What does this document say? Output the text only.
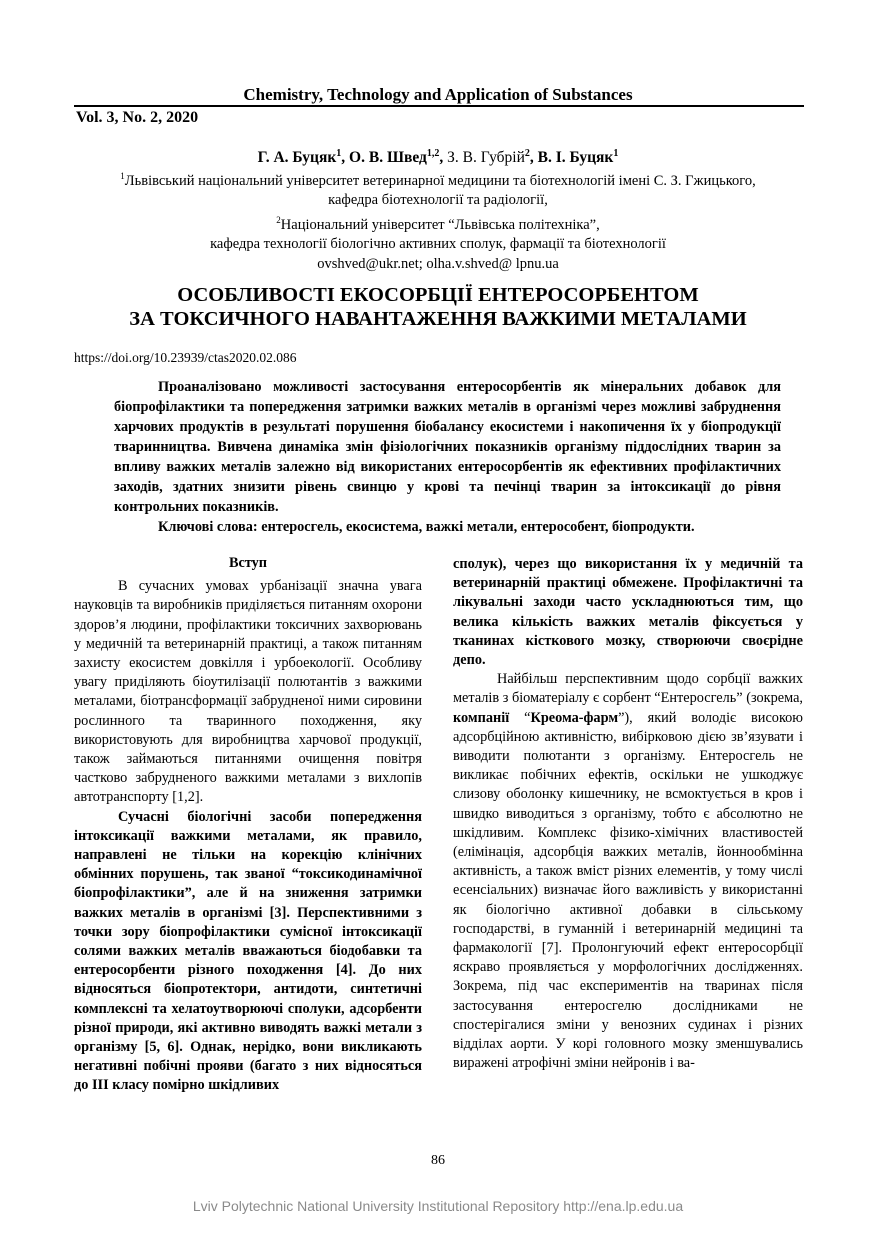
Chemistry, Technology and Application of Substances
Vol. 3, No. 2, 2020
Г. А. Буцяк$^1$, О. В. Швед$^{1,2}$, З. В. Губрій$^2$, В. І. Буцяк$^1$
$^1$Львівський національний університет ветеринарної медицини та біотехнологій імені С. З. Гжицького,
кафедра біотехнології та радіології,
$^2$Національний університет “Львівська політехніка”,
кафедра технології біологічно активних сполук, фармації та біотехнології
ovshved@ukr.net; olha.v.shved@ lpnu.ua
ОСОБЛИВОСТІ ЕКОСОРБЦІЇ ЕНТЕРОСОРБЕНТОМ
ЗА ТОКСИЧНОГО НАВАНТАЖЕННЯ ВАЖКИМИ МЕТАЛАМИ
https://doi.org/10.23939/ctas2020.02.086

Проаналізовано можливості застосування ентеросорбентів як мінеральних добавок для біопрофілактики та попередження затримки важких металів в організмі через можливі забруднення харчових продуктів в результаті порушення біобалансу екосистеми і накопичення їх у біопродукції тваринництва. Вивчена динаміка змін фізіологічних показників організму піддослідних тварин за впливу важких металів залежно від використаних ентеросорбентів як ефективних профілактичних заходів, здатних знизити рівень свинцю у крові та печінці тварин за інтоксикації до рівня контрольних показників.

Ключові слова: ентеросгель, екосистема, важкі метали, ентерособент, біопродукти.

Вступ

В сучасних умовах урбанізації значна увага науковців та виробників приділяється питанням охорони здоров’я людини, профілактики токсичних захворювань у медичній та ветеринарній практиці, а також питанням захисту екосистем довкілля і урбоекології. Особливу увагу приділяють біоутилізації полютантів з важкими металами, біотрансформації забрудненої ними сировини рослинного та тваринного походження, яку використовують для виробництва харчової продукції, також займаються питаннями очищення повітря частково забрудненого важкими металами з вихлопів автотранспорту [1,2].

Сучасні біологічні засоби попередження інтоксикації важкими металами, як правило, направлені не тільки на корекцію клінічних обмінних порушень, так званої “токсикодинамічної біопрофілактики”, але й на зниження затримки важких металів в організмі [3]. Перспективними з точки зору біопрофілактики сумісної інтоксикації солями важких металів вважаються біодобавки та ентеросорбенти різного походження [4]. До них відносяться біопротектори, антидоти, синтетичні комплексні та хелатоутворюючі сполуки, адсорбенти різної природи, які активно виводять важкі метали з організму [5, 6]. Однак, нерідко, вони викликають негативні побічні прояви (багато з них відносяться до ІІІ класу помірно шкідливих

сполук), через що використання їх у медичній та ветеринарній практиці обмежене. Профілактичні та лікувальні заходи часто ускладнюються тим, що велика кількість важких металів фіксується у тканинах кісткового мозку, створюючи своєрідне депо.

Найбільш перспективним щодо сорбції важких металів з біоматеріалу є сорбент “Ентеросгель” (зокрема, компанії “Креома-фарм”), який володіє високою адсорбційною активністю, вибірковою дією зв’язувати і виводити полютанти з організму. Ентеросгель не викликає побічних ефектів, оскільки не ушкоджує слизову оболонку кишечнику, не всмоктується в кров і швидко виводиться з організму, тобто є абсолютно не шкідливим. Комплекс фізико-хімічних властивостей (елімінація, адсорбція важких металів, йоннообмінна активність, а також вміст різних елементів, у тому числі есенсіальних) визначає його важливість у використанні як біологічно активної добавки в сільському господарстві, в гуманній і ветеринарній медицині та фармакології [7]. Пролонгуючий ефект ентеросорбції яскраво проявляється у морфологічних дослідженнях. Зокрема, під час експериментів на тваринах після застосування ентеросгелю дослідниками не спостерігалися зміни у венозних судинах і різних відділах аорти. У корі головного мозку зменшувались виражені атрофічні зміни нейронів і ва-

86
Lviv Polytechnic National University Institutional Repository http://ena.lp.edu.ua
